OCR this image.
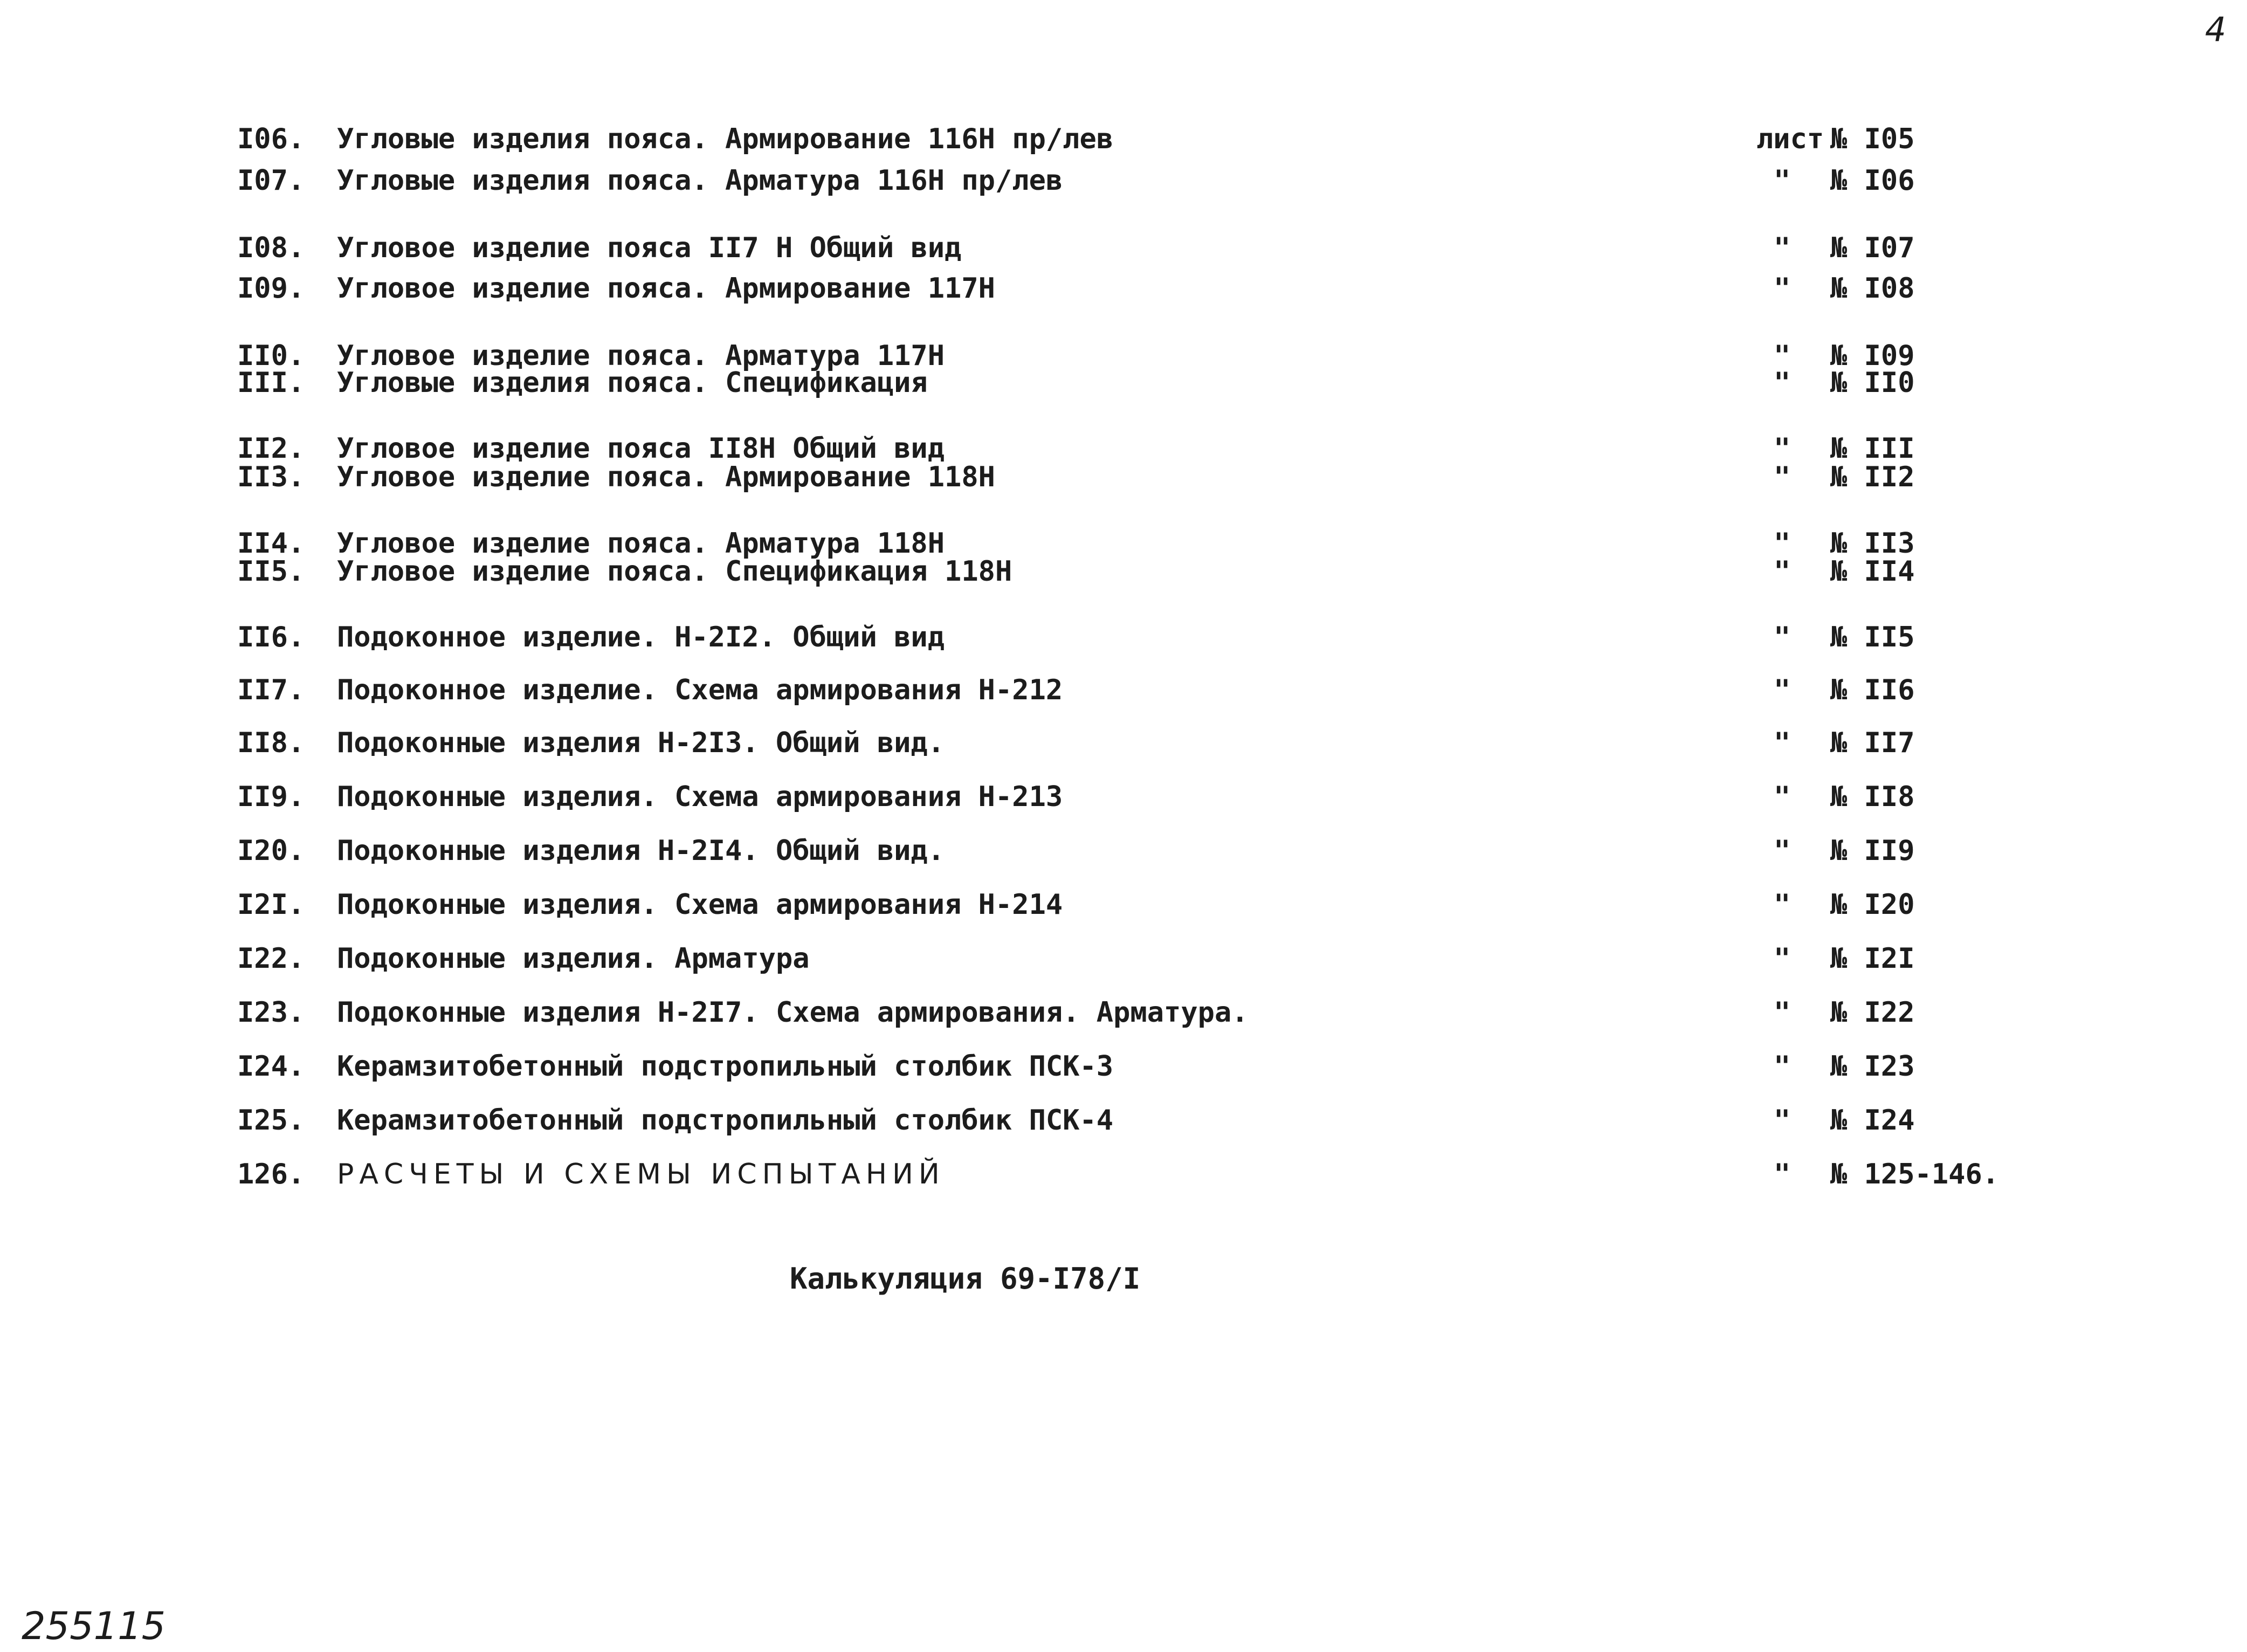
4
I06. Угловые изделия пояса. Армирование 116Н пр/лев	лист № I05
I07. Угловые изделия пояса. Арматура 116Н пр/лев	" № I06
I08. Угловое изделие пояса II7 Н Общий вид	" № I07
I09. Угловое изделие пояса. Армирование 117Н	" № I08
II0. Угловое изделие пояса. Арматура 117Н	" № I09
III. Угловые изделия пояса. Спецификация	" № II0
II2. Угловое изделие пояса II8Н Общий вид	" № III
II3. Угловое изделие пояса. Армирование 118Н	" № II2
II4. Угловое изделие пояса. Арматура 118Н	" № II3
II5. Угловое изделие пояса. Спецификация 118Н	" № II4
II6. Подоконное изделие. Н-2I2. Общий вид	" № II5
II7. Подоконное изделие. Схема армирования Н-212	" № II6
II8. Подоконные изделия Н-2I3. Общий вид.	" № II7
II9. Подоконные изделия. Схема армирования Н-213	" № II8
I20. Подоконные изделия Н-2I4. Общий вид.	" № II9
I2I. Подоконные изделия. Схема армирования Н-214	" № I20
I22. Подоконные изделия. Арматура	" № I2I
I23. Подоконные изделия Н-2I7. Схема армирования. Арматура.	" № I22
I24. Керамзитобетонный подстропильный столбик ПСК-3	" № I23
I25. Керамзитобетонный подстропильный столбик ПСК-4	" № I24
126. РАСЧЕТЫ И СХЕМЫ ИСПЫТАНИЙ	" № 125-146.
Калькуляция 69-I78/I
255115
